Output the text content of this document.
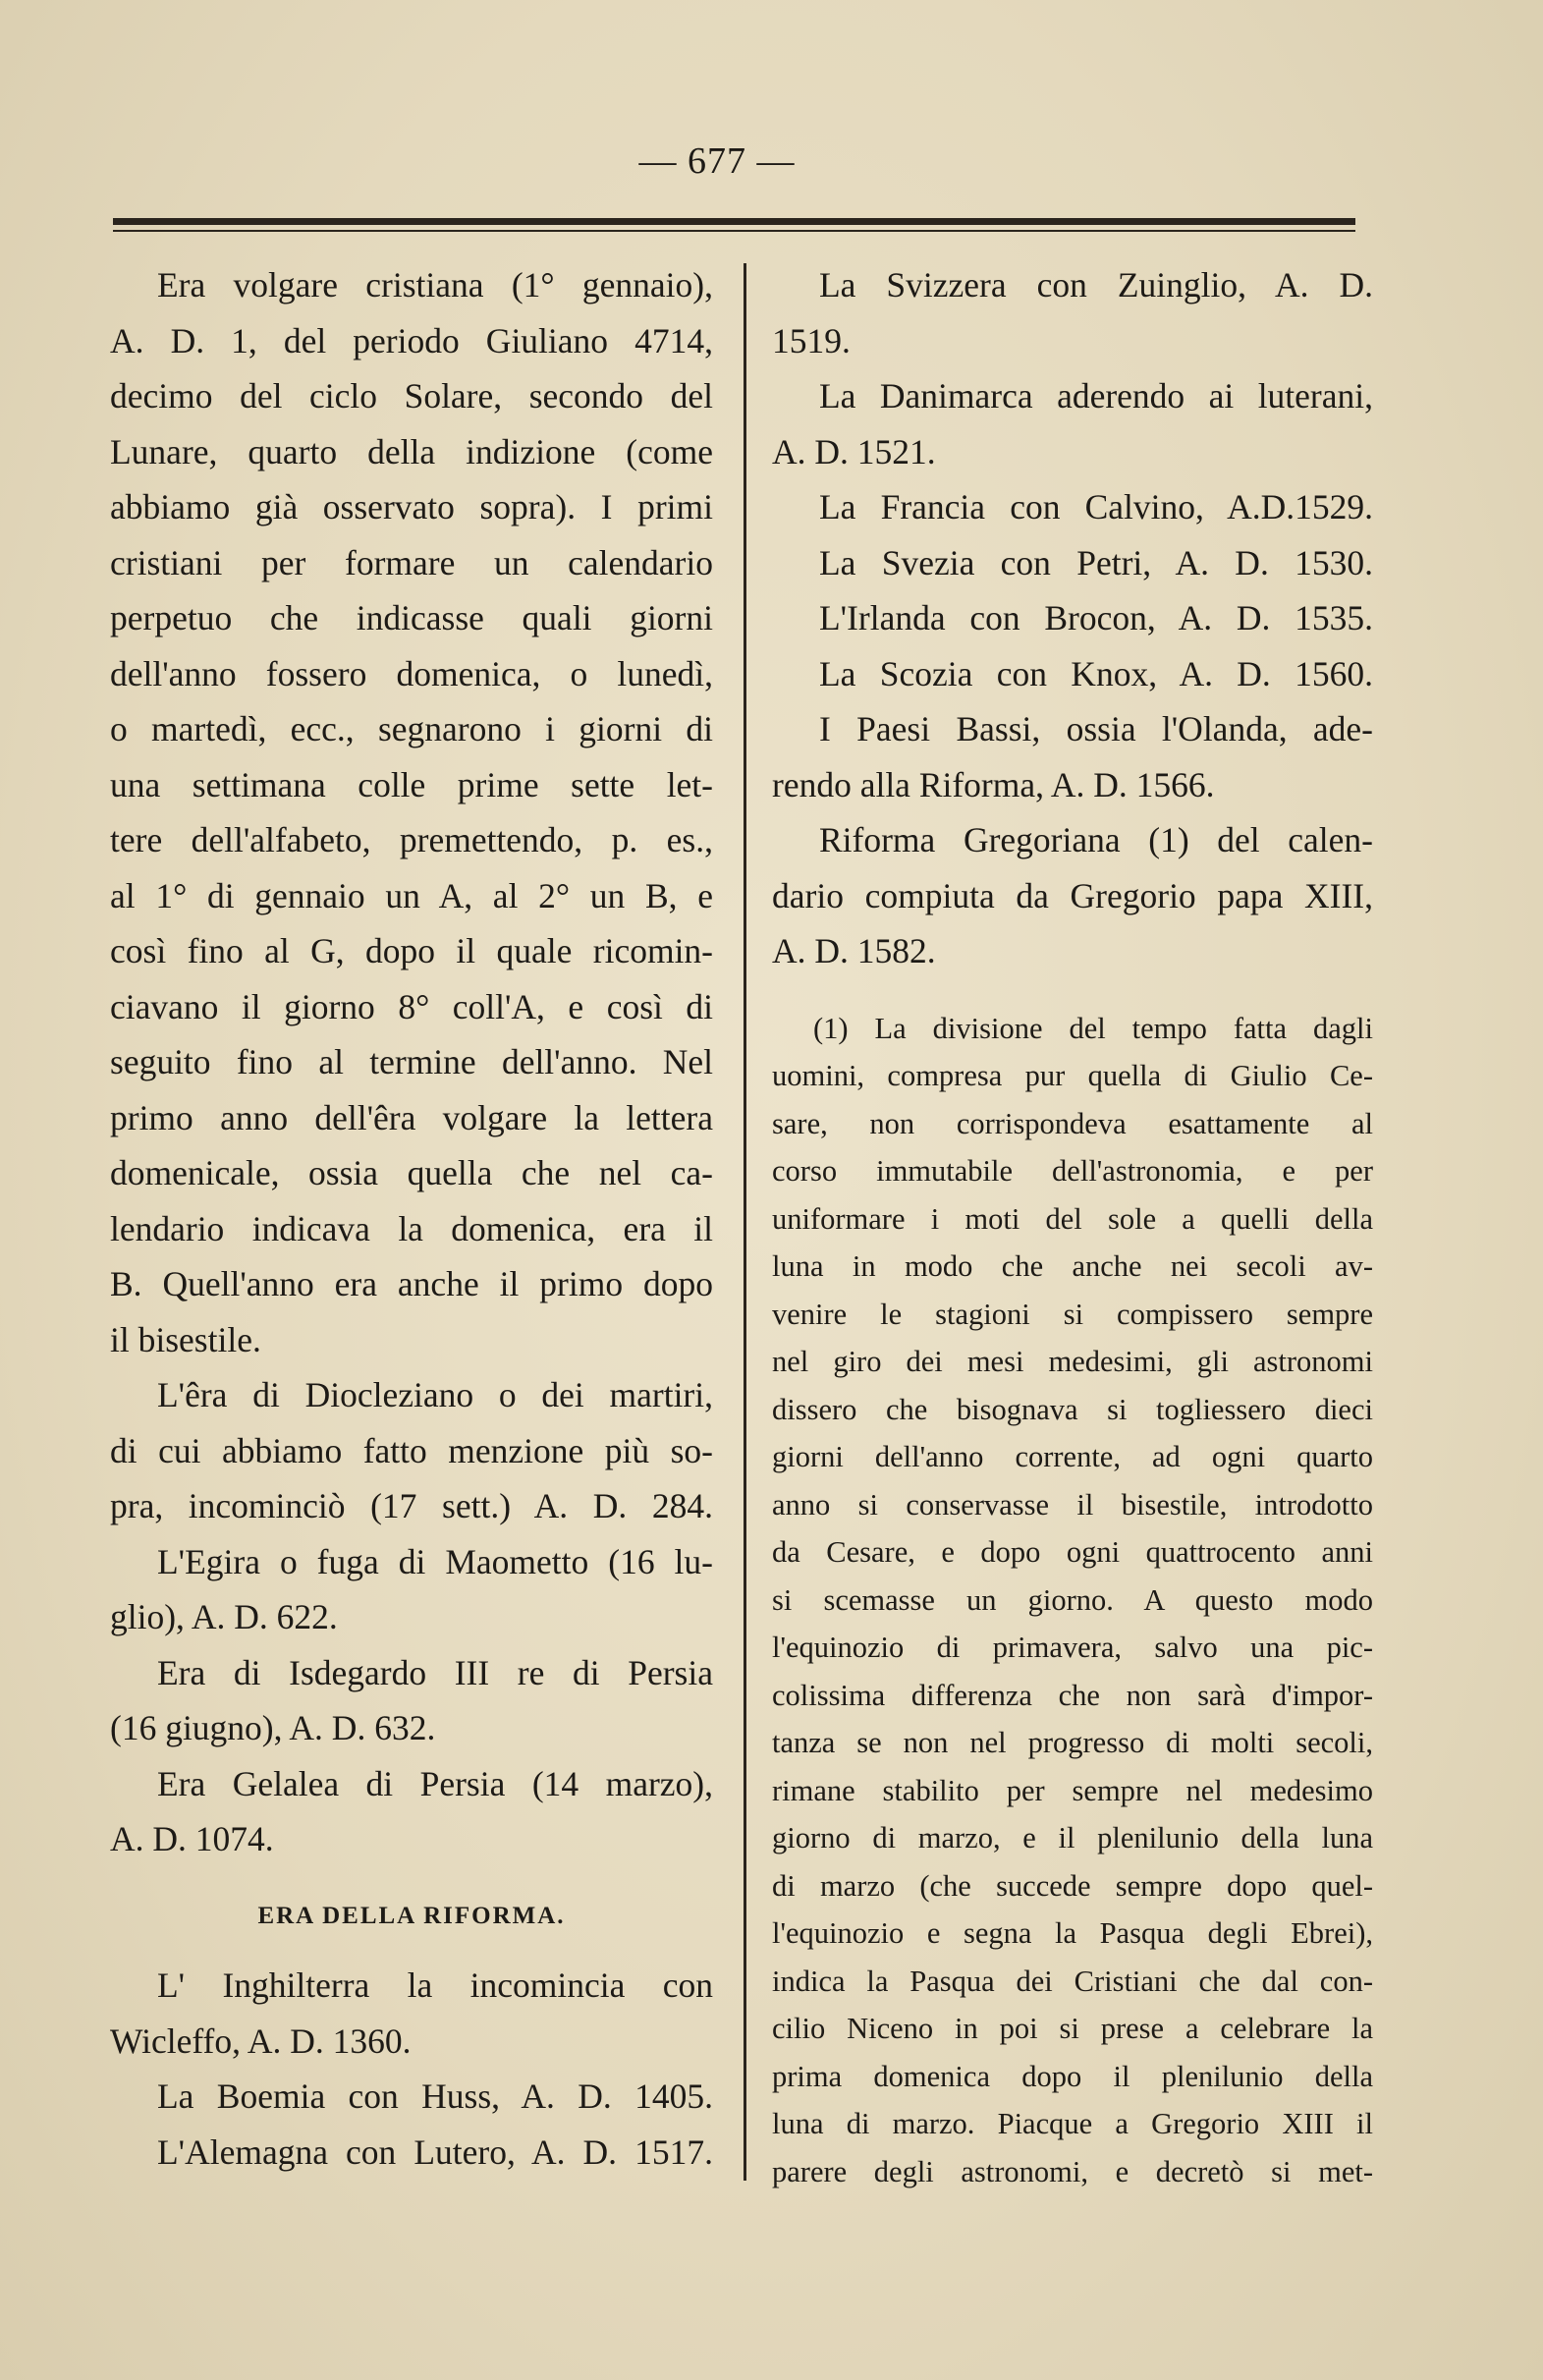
— 677 —
Era volgare cristiana (1° gennaio),
A. D. 1, del periodo Giuliano 4714,
decimo del ciclo Solare, secondo del
Lunare, quarto della indizione (come
abbiamo già osservato sopra). I primi
cristiani per formare un calendario
perpetuo che indicasse quali giorni
dell'anno fossero domenica, o lunedì,
o martedì, ecc., segnarono i giorni di
una settimana colle prime sette let-
tere dell'alfabeto, premettendo, p. es.,
al 1° di gennaio un A, al 2° un B, e
così fino al G, dopo il quale ricomin-
ciavano il giorno 8° coll'A, e così di
seguito fino al termine dell'anno. Nel
primo anno dell'êra volgare la lettera
domenicale, ossia quella che nel ca-
lendario indicava la domenica, era il
B. Quell'anno era anche il primo dopo
il bisestile.
L'êra di Diocleziano o dei martiri,
di cui abbiamo fatto menzione più so-
pra, incominciò (17 sett.) A. D. 284.
L'Egira o fuga di Maometto (16 lu-
glio), A. D. 622.
Era di Isdegardo III re di Persia
(16 giugno), A. D. 632.
Era Gelalea di Persia (14 marzo),
A. D. 1074.
ERA DELLA RIFORMA.
L' Inghilterra la incomincia con
Wicleffo, A. D. 1360.
La Boemia con Huss, A. D. 1405.
L'Alemagna con Lutero, A. D. 1517.
La Svizzera con Zuinglio, A. D.
1519.
La Danimarca aderendo ai luterani,
A. D. 1521.
La Francia con Calvino, A.D.1529.
La Svezia con Petri, A. D. 1530.
L'Irlanda con Brocon, A. D. 1535.
La Scozia con Knox, A. D. 1560.
I Paesi Bassi, ossia l'Olanda, ade-
rendo alla Riforma, A. D. 1566.
Riforma Gregoriana (1) del calen-
dario compiuta da Gregorio papa XIII,
A. D. 1582.
(1) La divisione del tempo fatta dagli
uomini, compresa pur quella di Giulio Ce-
sare, non corrispondeva esattamente al
corso immutabile dell'astronomia, e per
uniformare i moti del sole a quelli della
luna in modo che anche nei secoli av-
venire le stagioni si compissero sempre
nel giro dei mesi medesimi, gli astronomi
dissero che bisognava si togliessero dieci
giorni dell'anno corrente, ad ogni quarto
anno si conservasse il bisestile, introdotto
da Cesare, e dopo ogni quattrocento anni
si scemasse un giorno. A questo modo
l'equinozio di primavera, salvo una pic-
colissima differenza che non sarà d'impor-
tanza se non nel progresso di molti secoli,
rimane stabilito per sempre nel medesimo
giorno di marzo, e il plenilunio della luna
di marzo (che succede sempre dopo quel-
l'equinozio e segna la Pasqua degli Ebrei),
indica la Pasqua dei Cristiani che dal con-
cilio Niceno in poi si prese a celebrare la
prima domenica dopo il plenilunio della
luna di marzo. Piacque a Gregorio XIII il
parere degli astronomi, e decretò si met-
